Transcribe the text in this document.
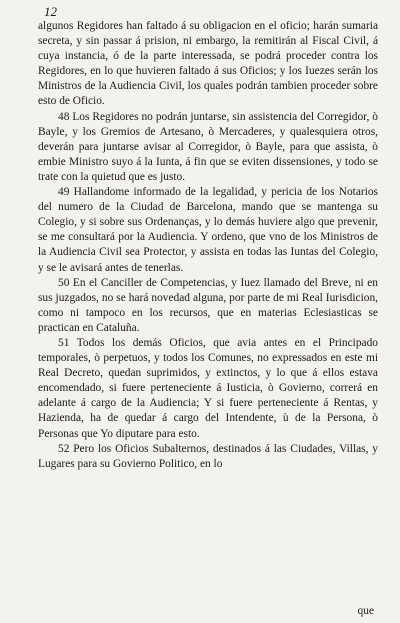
12

algunos Regidores han faltado á su obligacion en el oficio; harán sumaria secreta, y sin passar á prision, ni embargo, la remitirán al Fiscal Civil, á cuya instancia, ó de la parte interessada, se podrá proceder contra los Regidores, en lo que huvieren faltado á sus Oficios; y los Iuezes serán los Ministros de la Audiencia Civil, los quales podrán tambien proceder sobre esto de Oficio.

48 Los Regidores no podrán juntarse, sin assistencia del Corregidor, ò Bayle, y los Gremios de Artesano, ò Mercaderes, y qualesquiera otros, deverán para juntarse avisar al Corregidor, ò Bayle, para que assista, ò embie Ministro suyo á la Iunta, á fin que se eviten dissensiones, y todo se trate con la quietud que es justo.

49 Hallandome informado de la legalidad, y pericia de los Notarios del numero de la Ciudad de Barcelona, mando que se mantenga su Colegio, y si sobre sus Ordenanças, y lo demás huviere algo que prevenir, se me consultará por la Audiencia. Y ordeno, que vno de los Ministros de la Audiencia Civil sea Protector, y assista en todas las Iuntas del Colegio, y se le avisará antes de tenerlas.

50 En el Canciller de Competencias, y Iuez llamado del Breve, ni en sus juzgados, no se hará novedad alguna, por parte de mi Real Iurisdicion, como ni tampoco en los recursos, que en materias Eclesiasticas se practican en Cataluña.

51 Todos los demás Oficios, que avia antes en el Principado temporales, ò perpetuos, y todos los Comunes, no expressados en este mi Real Decreto, quedan suprimidos, y extinctos, y lo que á ellos estava encomendado, si fuere perteneciente á Iusticia, ò Govierno, correrá en adelante á cargo de la Audiencia; Y si fuere perteneciente á Rentas, y Hazienda, ha de quedar á cargo del Intendente, ù de la Persona, ò Personas que Yo diputare para esto.

52 Pero los Oficios Subalternos, destinados á las Ciudades, Villas, y Lugares para su Govierno Politico, en lo

que
